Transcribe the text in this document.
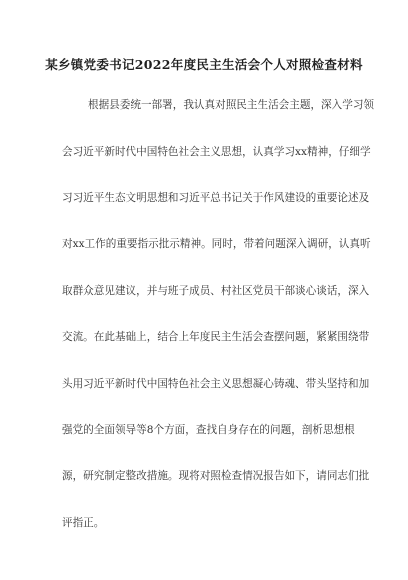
某乡镇党委书记2022年度民主生活会个人对照检查材料
根据县委统一部署，我认真对照民主生活会主题，深入学习领
会习近平新时代中国特色社会主义思想，认真学习xx精神，仔细学
习习近平生态文明思想和习近平总书记关于作风建设的重要论述及
对xx工作的重要指示批示精神。同时，带着问题深入调研，认真听
取群众意见建议，并与班子成员、村社区党员干部谈心谈话，深入
交流。在此基础上，结合上年度民主生活会查摆问题，紧紧围绕带
头用习近平新时代中国特色社会主义思想凝心铸魂、带头坚持和加
强党的全面领导等8个方面，查找自身存在的问题，剖析思想根
源，研究制定整改措施。现将对照检查情况报告如下，请同志们批
评指正。
